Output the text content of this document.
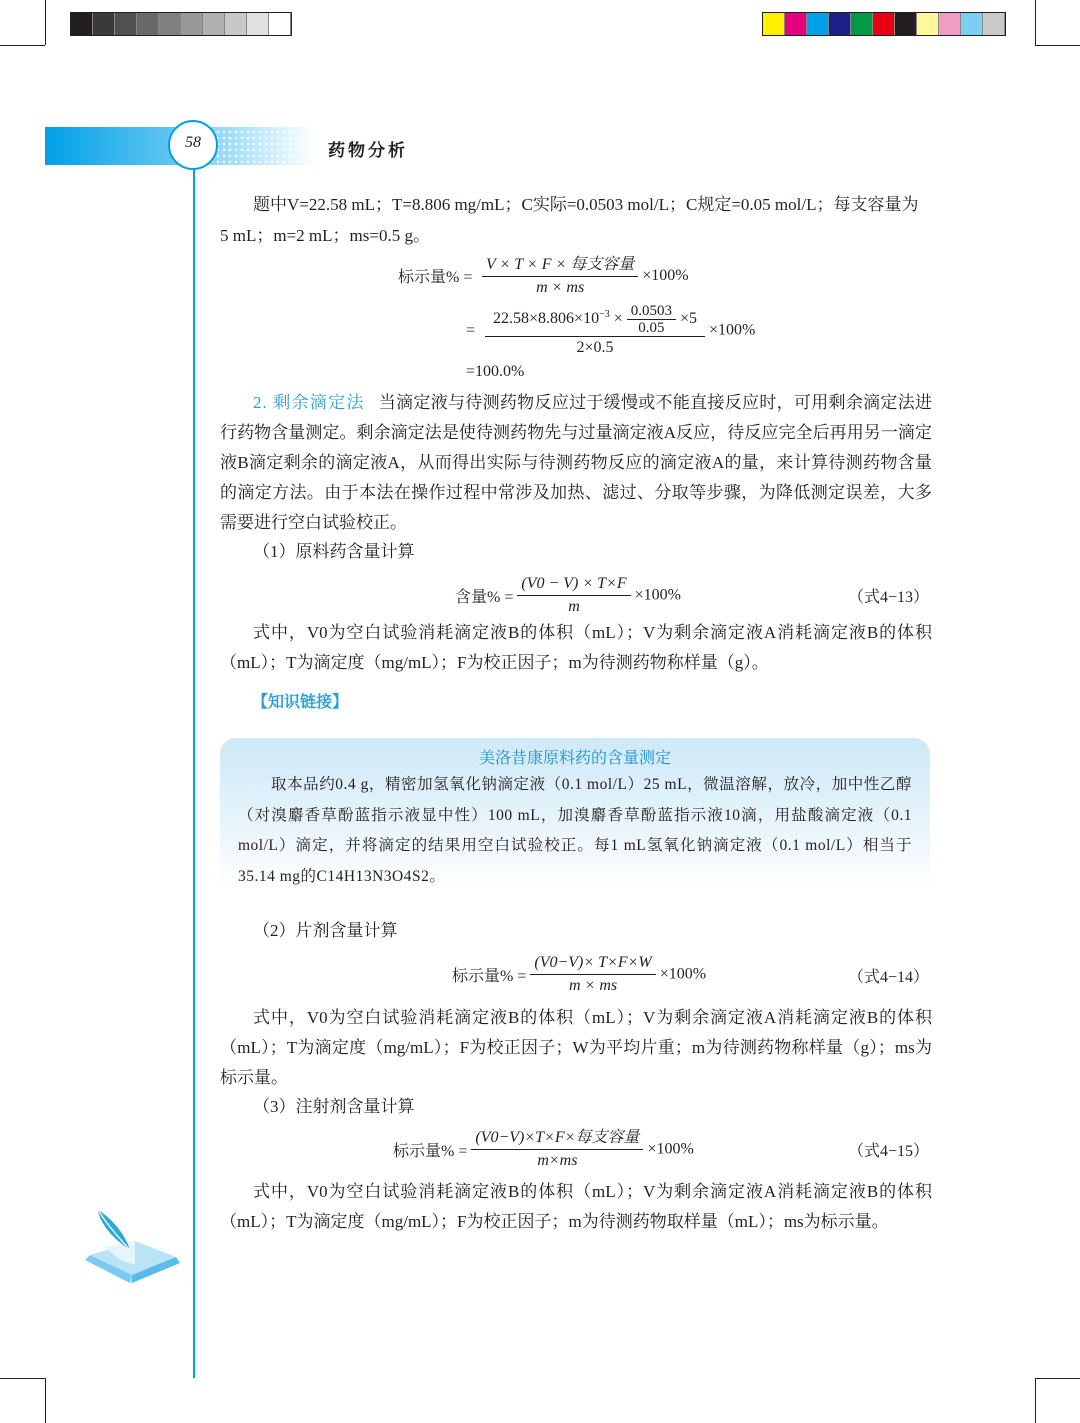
58	药物分析
题中V=22.58 mL；T=8.806 mg/mL；C实际=0.0503 mol/L；C规定=0.05 mol/L；每支容量为
5 mL；m=2 mL；ms=0.5 g。
标示量% = $\frac{\text{V × T × F × 每支容量}}{m \times ms} \times 100\%$
=
$22.58\times 8.806\times 10^{-3} \times \frac{0.0503}{0.05} \times 5$
2×0.5
×100%
=100.0%
2. 剩余滴定法 当滴定液与待测药物反应过于缓慢或不能直接反应时，可用剩余滴定法进行药物含量测定。剩余滴定法是使待测药物先与过量滴定液A反应，待反应完全后再用另一滴定液B滴定剩余的滴定液A，从而得出实际与待测药物反应的滴定液A的量，来计算待测药物含量的滴定方法。由于本法在操作过程中常涉及加热、滤过、分取等步骤，为降低测定误差，大多需要进行空白试验校正。
（1）原料药含量计算
含量% = $\frac{(V0 - V) \times T\times F}{m} \times 100\%$	（式4−13）
式中，V0为空白试验消耗滴定液B的体积（mL）；V为剩余滴定液A消耗滴定液B的体积（mL）；T为滴定度（mg/mL）；F为校正因子；m为待测药物称样量（g）。
【知识链接】
美洛昔康原料药的含量测定
取本品约0.4 g，精密加氢氧化钠滴定液（0.1 mol/L）25 mL，微温溶解，放冷，加中性乙醇（对溴麝香草酚蓝指示液显中性）100 mL，加溴麝香草酚蓝指示液10滴，用盐酸滴定液（0.1 mol/L）滴定，并将滴定的结果用空白试验校正。每1 mL氢氧化钠滴定液（0.1 mol/L）相当于35.14 mg的C14H13N3O4S2。
（2）片剂含量计算
标示量% = $\frac{(V0-V)\times T\times F\times W}{m \times ms} \times 100\%$	（式4−14）
式中，V0为空白试验消耗滴定液B的体积（mL）；V为剩余滴定液A消耗滴定液B的体积（mL）；T为滴定度（mg/mL）；F为校正因子；W为平均片重；m为待测药物称样量（g）；ms为标示量。
（3）注射剂含量计算
标示量% = $\frac{\text{(V0−V)×T×F×每支容量}}{m\times ms} \times 100\%$	（式4−15）
式中，V0为空白试验消耗滴定液B的体积（mL）；V为剩余滴定液A消耗滴定液B的体积（mL）；T为滴定度（mg/mL）；F为校正因子；m为待测药物取样量（mL）；ms为标示量。
